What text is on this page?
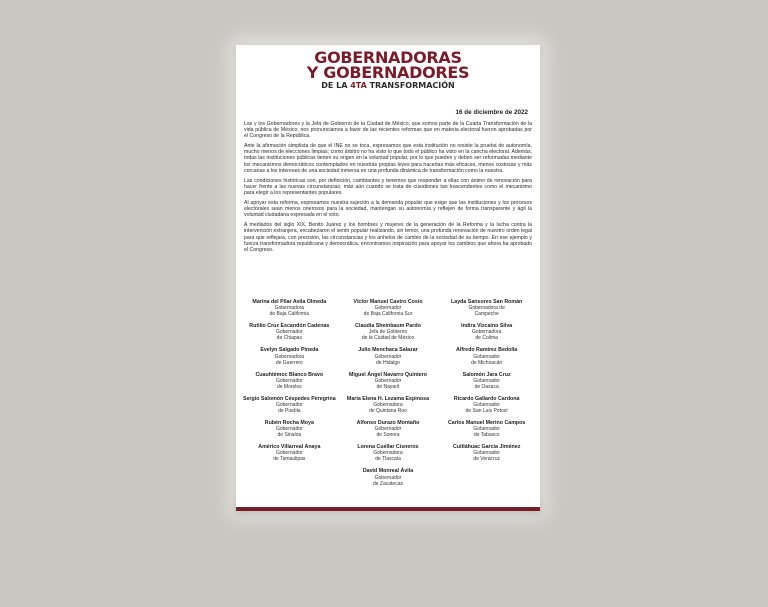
GOBERNADORAS
Y GOBERNADORES
DE LA 4TA TRANSFORMACIÓN
16 de diciembre de 2022

Las y los Gobernadores y la Jefa de Gobierno de la Ciudad de México, que somos parte de la Cuarta Transformación de la vida pública de México, nos pronunciamos a favor de las recientes reformas que en materia electoral fueron aprobadas por el Congreso de la República.

Ante la afirmación simplista de que el INE no se toca, expresamos que esta institución no resiste la prueba de autonomía, mucho menos de elecciones limpias; como árbitro no ha visto lo que todo el público ha visto en la cancha electoral. Además, todas las instituciones públicas tienen su origen en la voluntad popular, por lo que pueden y deben ser reformadas mediante los mecanismos democráticos contemplados en nuestras propias leyes para hacerlas más eficaces, menos costosas y más cercanas a los intereses de una sociedad inmersa en una profunda dinámica de transformación como la nuestra.

Las condiciones históricas son, por definición, cambiantes y tenemos que responder a ellas con ánimo de renovación para hacer frente a las nuevas circunstancias; más aún cuando se trata de cuestiones tan trascendentes como el mecanismo para elegir a los representantes populares.

Al apoyar esta reforma, expresamos nuestra sujeción a la demanda popular que exige que las instituciones y los procesos electorales sean menos onerosos para la sociedad, mantengan su autonomía y reflejen de forma transparente y ágil la voluntad ciudadana expresada en el voto.

A mediados del siglo XIX, Benito Juárez y los hombres y mujeres de la generación de la Reforma y la lucha contra la intervención extranjera, encabezaron el sentir popular realizando, sin temor, una profunda renovación de nuestro orden legal para que reflejara, con precisión, las circunstancias y los anhelos de cambio de la sociedad de su tiempo. En ese ejemplo y fuerza transformadora republicana y democrática, encontramos inspiración para apoyar los cambios que ahora ha aprobado el Congreso.

Marina del Pilar Avila Olmeda
Gobernadora
de Baja California
Víctor Manuel Castro Cosío
Gobernador
de Baja California Sur
Layda Sansores San Román
Gobernadora de
Campeche
Rutilio Cruz Escandón Cadenas
Gobernador
de Chiapas
Claudia Sheinbaum Pardo
Jefa de Gobierno
de la Ciudad de México
Indira Vizcaíno Silva
Gobernadora
de Colima
Evelyn Salgado Pineda
Gobernadora
de Guerrero
Julio Menchaca Salazar
Gobernador
de Hidalgo
Alfredo Ramírez Bedolla
Gobernador
de Michoacán
Cuauhtémoc Blanco Bravo
Gobernador
de Morelos
Miguel Ángel Navarro Quintero
Gobernador
de Nayarit
Salomón Jara Cruz
Gobernador
de Oaxaca
Sergio Salomón Céspedes Peregrina
Gobernador
de Puebla
María Elena H. Lezama Espinosa
Gobernadora
de Quintana Roo
Ricardo Gallardo Cardona
Gobernador
de San Luis Potosí
Rubén Rocha Moya
Gobernador
de Sinaloa
Alfonso Durazo Montaño
Gobernador
de Sonora
Carlos Manuel Merino Campos
Gobernador
de Tabasco
Américo Villarreal Anaya
Gobernador
de Tamaulipas
Lorena Cuéllar Cisneros
Gobernadora
de Tlaxcala
Cuitláhuac García Jiménez
Gobernador
de Veracruz
David Monreal Ávila
Gobernador
de Zacatecas
